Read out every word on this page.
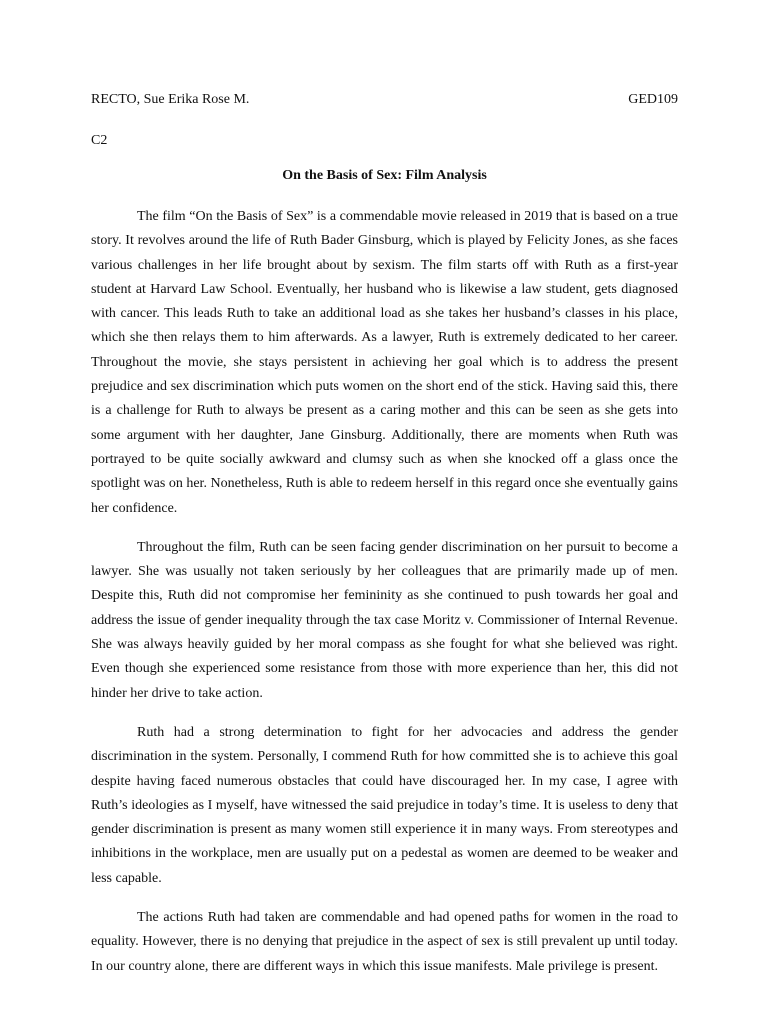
RECTO, Sue Erika Rose M.	GED109
C2
On the Basis of Sex: Film Analysis

The film “On the Basis of Sex” is a commendable movie released in 2019 that is based on a true story. It revolves around the life of Ruth Bader Ginsburg, which is played by Felicity Jones, as she faces various challenges in her life brought about by sexism. The film starts off with Ruth as a first-year student at Harvard Law School. Eventually, her husband who is likewise a law student, gets diagnosed with cancer. This leads Ruth to take an additional load as she takes her husband’s classes in his place, which she then relays them to him afterwards. As a lawyer, Ruth is extremely dedicated to her career. Throughout the movie, she stays persistent in achieving her goal which is to address the present prejudice and sex discrimination which puts women on the short end of the stick. Having said this, there is a challenge for Ruth to always be present as a caring mother and this can be seen as she gets into some argument with her daughter, Jane Ginsburg. Additionally, there are moments when Ruth was portrayed to be quite socially awkward and clumsy such as when she knocked off a glass once the spotlight was on her. Nonetheless, Ruth is able to redeem herself in this regard once she eventually gains her confidence.

Throughout the film, Ruth can be seen facing gender discrimination on her pursuit to become a lawyer. She was usually not taken seriously by her colleagues that are primarily made up of men. Despite this, Ruth did not compromise her femininity as she continued to push towards her goal and address the issue of gender inequality through the tax case Moritz v. Commissioner of Internal Revenue. She was always heavily guided by her moral compass as she fought for what she believed was right. Even though she experienced some resistance from those with more experience than her, this did not hinder her drive to take action.

Ruth had a strong determination to fight for her advocacies and address the gender discrimination in the system. Personally, I commend Ruth for how committed she is to achieve this goal despite having faced numerous obstacles that could have discouraged her. In my case, I agree with Ruth’s ideologies as I myself, have witnessed the said prejudice in today’s time. It is useless to deny that gender discrimination is present as many women still experience it in many ways. From stereotypes and inhibitions in the workplace, men are usually put on a pedestal as women are deemed to be weaker and less capable.

The actions Ruth had taken are commendable and had opened paths for women in the road to equality. However, there is no denying that prejudice in the aspect of sex is still prevalent up until today. In our country alone, there are different ways in which this issue manifests. Male privilege is present.
